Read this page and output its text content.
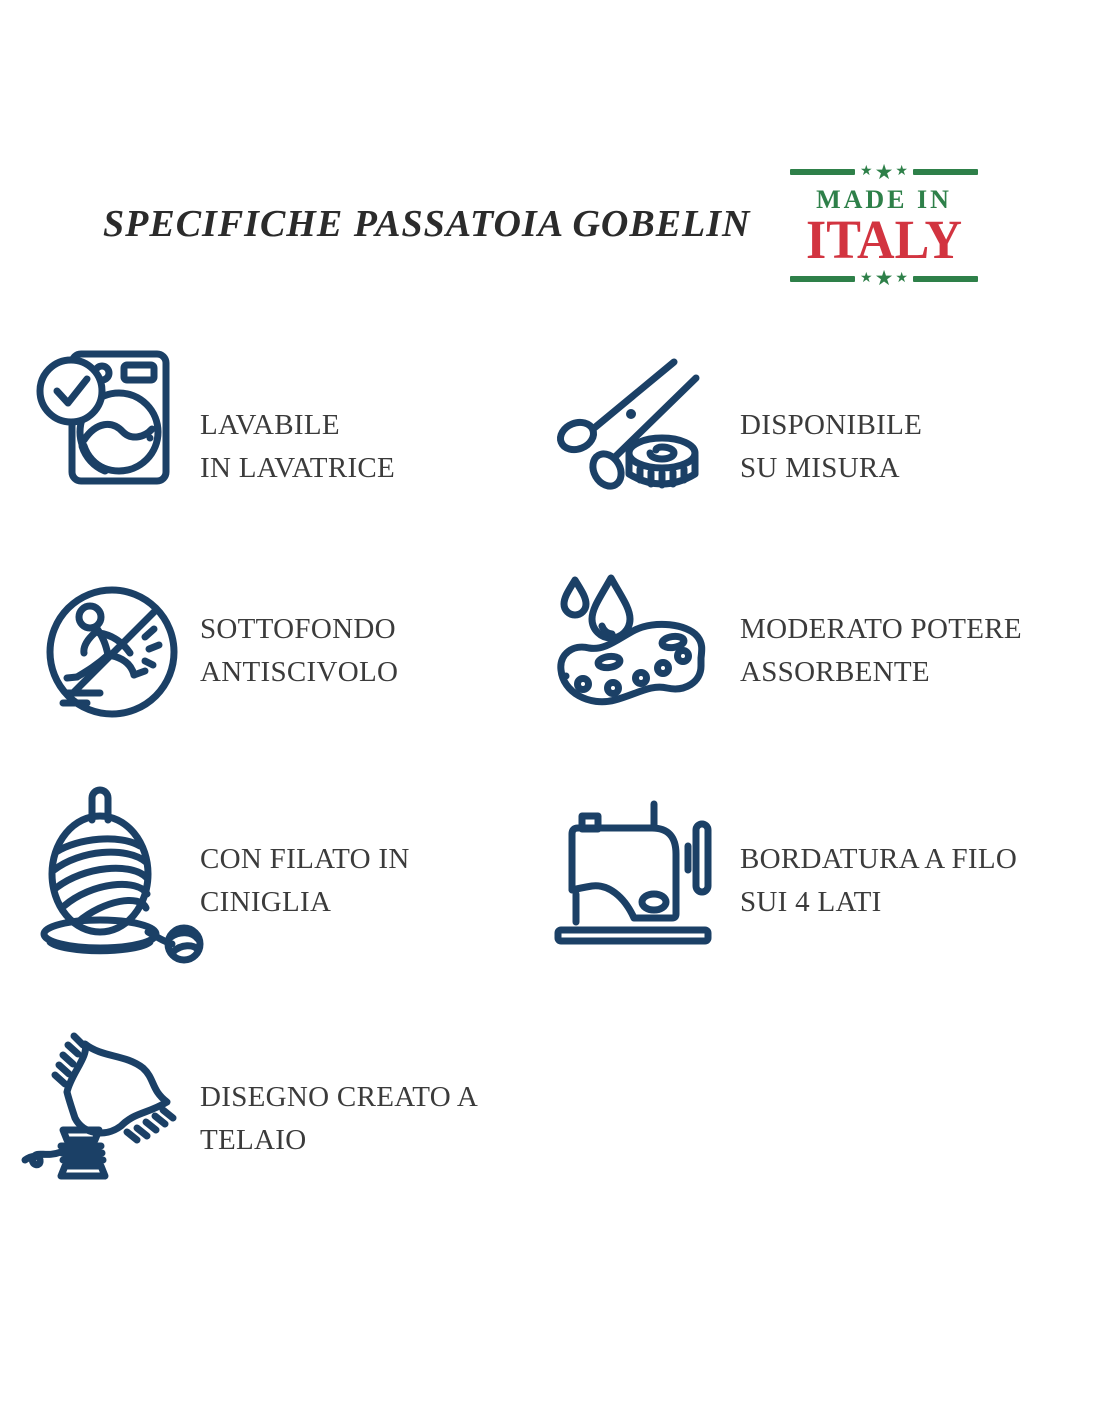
SPECIFICHE PASSATOIA GOBELIN
★ ★ ★
MADE IN
ITALY
★ ★ ★
LAVABILE
IN LAVATRICE
DISPONIBILE
SU MISURA
SOTTOFONDO
ANTISCIVOLO
MODERATO POTERE
ASSORBENTE
CON FILATO IN
CINIGLIA
BORDATURA A FILO
SUI 4 LATI
DISEGNO CREATO A
TELAIO
